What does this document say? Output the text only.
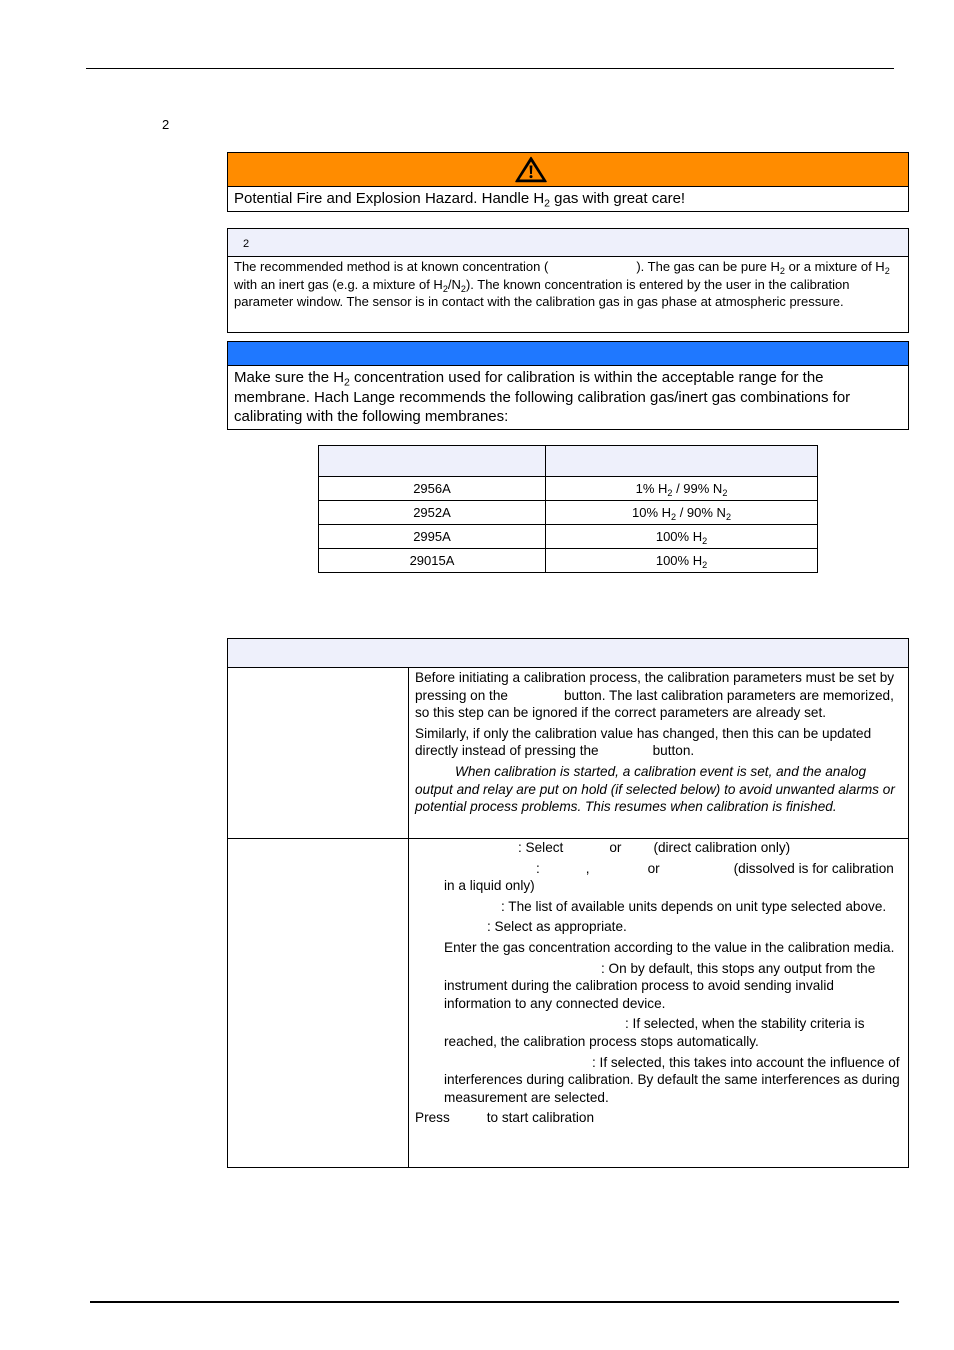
2
Potential Fire and Explosion Hazard. Handle $H_2$ gas with great care!
2
The recommended method is at known concentration (	). The gas can be pure $H_2$ or a mixture of $H_2$ with an inert gas (e.g. a mixture of $H_2/N_2$). The known concentration is entered by the user in the calibration parameter window. The sensor is in contact with the calibration gas in gas phase at atmospheric pressure.
Make sure the $H_2$ concentration used for calibration is within the acceptable range for the membrane. Hach Lange recommends the following calibration gas/inert gas combinations for calibrating with the following membranes:

2956A	1% $H_2 / 99\%$ $N_2$
2952A	10% $H_2 / 90\%$ $N_2$
2995A	100% $H_2$
29015A	100% $H_2$

Before initiating a calibration process, the calibration parameters must be set by pressing on the	button. The last calibration parameters are memorized, so this step can be ignored if the correct parameters are already set.

Similarly, if only the calibration value has changed, then this can be updated directly instead of pressing the	button.

When calibration is started, a calibration event is set, and the analog output and relay are put on hold (if selected below) to avoid unwanted alarms or potential process problems. This resumes when calibration is finished.

: Select	or (direct calibration only)

:	,	or	(dissolved is for calibration in a liquid only)

: The list of available units depends on unit type selected above.

: Select as appropriate.

Enter the gas concentration according to the value in the calibration media.

: On by default, this stops any output from the instrument during the calibration process to avoid sending invalid information to any connected device.

: If selected, when the stability criteria is reached, the calibration process stops automatically.

: If selected, this takes into account the influence of interferences during calibration. By default the same interferences as during measurement are selected.

Press	to start calibration
